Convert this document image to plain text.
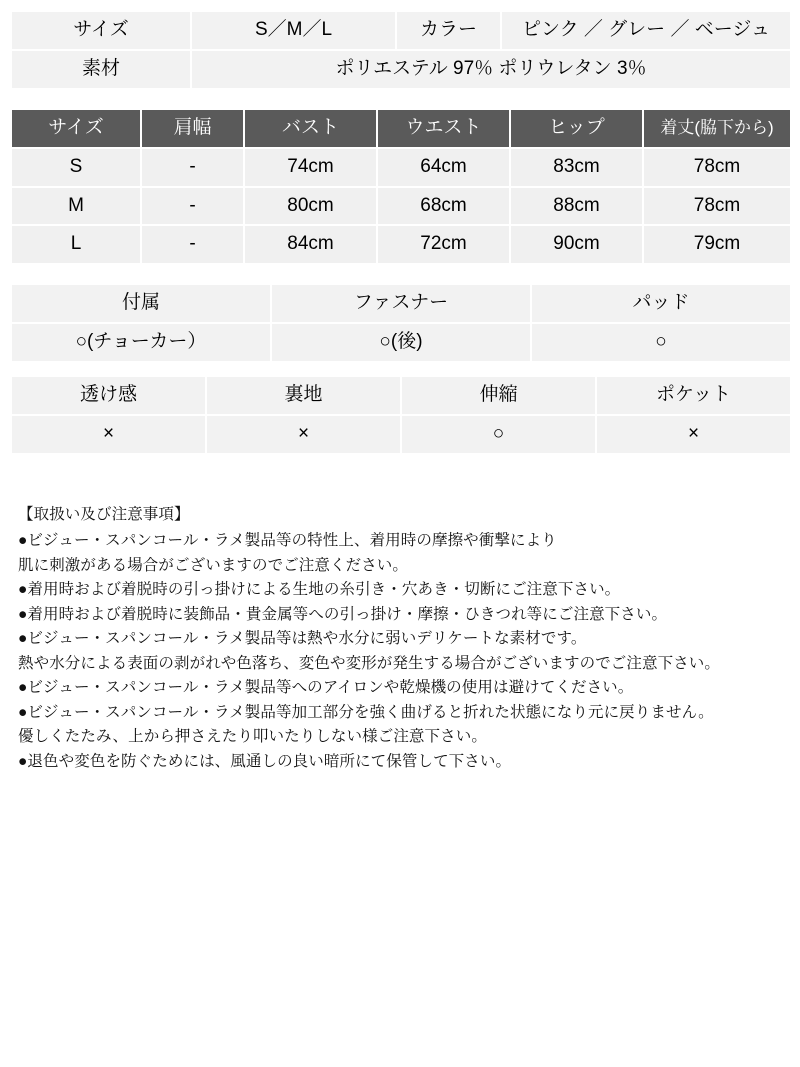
サイズ	S／M／L	カラー	ピンク ／ グレー ／ ベージュ
素材	ポリエステル 97％ ポリウレタン 3％		
サイズ	肩幅	バスト	ウエスト	ヒップ	着丈(脇下から)
S	-	74cm	64cm	83cm	78cm
M	-	80cm	68cm	88cm	78cm
L	-	84cm	72cm	90cm	79cm
付属	ファスナー	パッド
○(チョーカー）	○(後)	○
透け感	裏地	伸縮	ポケット
×	×	○	×
【取扱い及び注意事項】

●ビジュー・スパンコール・ラメ製品等の特性上、着用時の摩擦や衝撃により

肌に刺激がある場合がございますのでご注意ください。

●着用時および着脱時の引っ掛けによる生地の糸引き・穴あき・切断にご注意下さい。

●着用時および着脱時に装飾品・貴金属等への引っ掛け・摩擦・ひきつれ等にご注意下さい。

●ビジュー・スパンコール・ラメ製品等は熱や水分に弱いデリケートな素材です。

熱や水分による表面の剥がれや色落ち、変色や変形が発生する場合がございますのでご注意下さい。

●ビジュー・スパンコール・ラメ製品等へのアイロンや乾燥機の使用は避けてください。

●ビジュー・スパンコール・ラメ製品等加工部分を強く曲げると折れた状態になり元に戻りません。

優しくたたみ、上から押さえたり叩いたりしない様ご注意下さい。

●退色や変色を防ぐためには、風通しの良い暗所にて保管して下さい。
